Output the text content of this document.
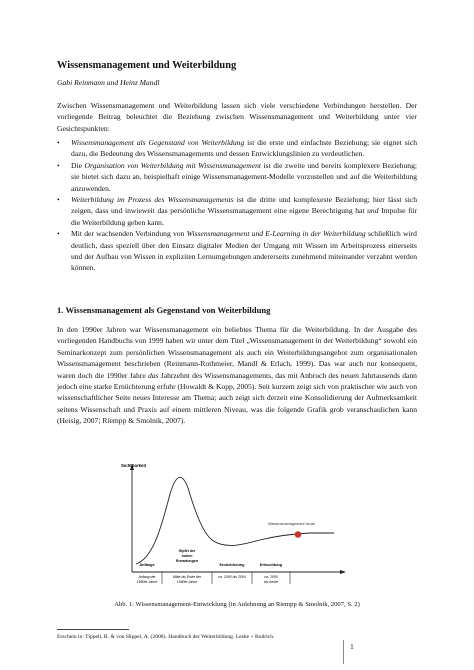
Wissensmanagement und Weiterbildung
Gabi Reinmann und Heinz Mandl
Zwischen Wissensmanagement und Weiterbildung lassen sich viele verschiedene Verbindungen herstellen. Der vorliegende Beitrag beleuchtet die Beziehung zwischen Wissensmanagement und Weiterbildung unter vier Gesichtspunkten:
• Wissensmanagement als Gegenstand von Weiterbildung ist die erste und einfachste Beziehung; sie eignet sich dazu, die Bedeutung des Wissensmanagements und dessen Entwicklungslinien zu verdeutlichen.
• Die Organisation von Weiterbildung mit Wissensmanagement ist die zweite und bereits komplexere Beziehung; sie bietet sich dazu an, beispielhaft einige Wissensmanagement-Modelle vorzustellen und auf die Weiterbildung anzuwenden.
• Weiterbildung im Prozess des Wissensmanagements ist die dritte und komplexeste Beziehung; hier lässt sich zeigen, dass und inwieweit das persönliche Wissensmanagement eine eigene Berechtigung hat und Impulse für die Weiterbildung geben kann.
• Mit der wachsenden Verbindung von Wissensmanagement und E-Learning in der Weiterbildung schließlich wird deutlich, dass speziell über den Einsatz digitaler Medien der Umgang mit Wissen im Arbeitsprozess einerseits und der Aufbau von Wissen in expliziten Lernumgebungen andererseits zunehmend miteinander verzahnt werden können.
1. Wissensmanagement als Gegenstand von Weiterbildung
In den 1990er Jahren war Wissensmanagement ein beliebtes Thema für die Weiterbildung. In der Ausgabe des vorliegenden Handbuchs von 1999 haben wir unter dem Titel „Wissensmanagement in der Weiterbildung“ sowohl ein Seminarkonzept zum persönlichen Wissensmanagement als auch ein Weiterbildungsangebot zum organisationalen Wissensmanagement beschrieben (Reinmann-Rothmeier, Mandl & Erlach, 1999). Das war auch nur konsequent, waren doch die 1990er Jahre das Jahrzehnt des Wissensmanagements, das mit Anbruch des neuen Jahrtausends dann jedoch eine starke Ernüchterung erfuhr (Howaldt & Kopp, 2005). Seit kurzem zeigt sich von praktischer wie auch von wissenschaftlicher Seite neues Interesse am Thema; auch zeigt sich derzeit eine Konsolidierung der Aufmerksamkeit seitens Wissenschaft und Praxis auf einem mittleren Niveau, was die folgende Grafik grob veranschaulichen kann (Heisig, 2007; Riempp & Smolnik, 2007).
Sichtbarkeit
Wissensmanagement heute
Anfänge
Gipfel der
hohen
Erwartungen
Ernüchterung	Erleuchtung
Anfang der
1990er Jahre
Mitte bis Ende der
1990er Jahre
ca. 2000 bis 2004	ca. 2005
bis heute
Abb. 1: Wissensmanagement-Entwicklung (in Anlehnung an Riempp & Smolnik, 2007, S. 2)
Erschein in: Tippelt, R. & von Hippel, A. (2008). Handbuch der Weiterbildung. Leske + Budrich.
1
